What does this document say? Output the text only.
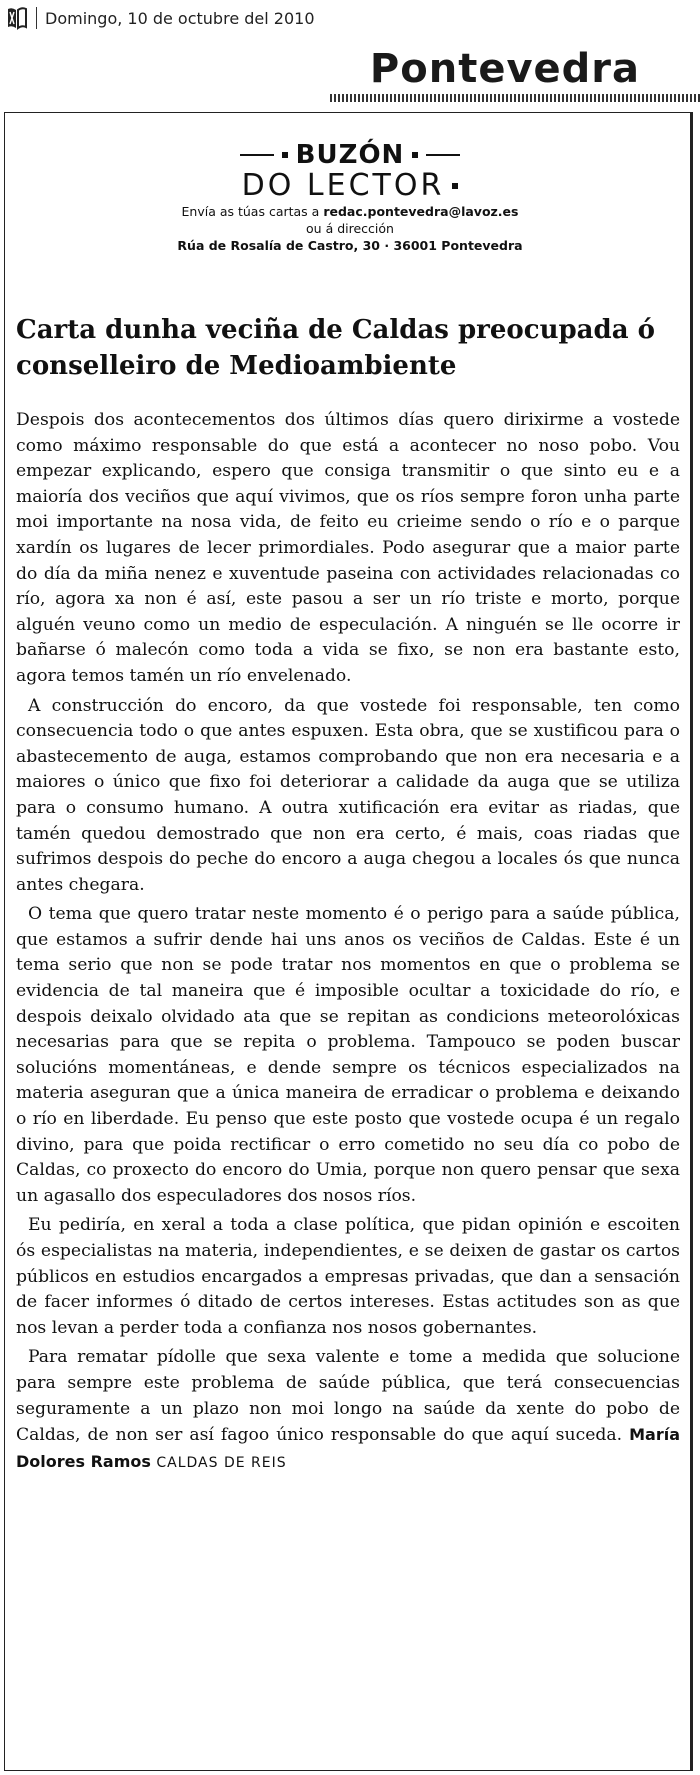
Domingo, 10 de octubre del 2010
Pontevedra
BUZÓN
DO LECTOR
Envía as túas cartas a redac.pontevedra@lavoz.es
ou á dirección
Rúa de Rosalía de Castro, 30 · 36001 Pontevedra
Carta dunha veciña de Caldas preocupada ó conselleiro de Medioambiente

Despois dos acontecementos dos últimos días quero dirixirme a vostede como máximo responsable do que está a acontecer no noso pobo. Vou empezar explicando, espero que consiga transmitir o que sinto eu e a maioría dos veciños que aquí vivimos, que os ríos sempre foron unha parte moi importante na nosa vida, de feito eu crieime sendo o río e o parque xardín os lugares de lecer primordiales. Podo asegurar que a maior parte do día da miña nenez e xuventude paseina con actividades relacionadas co río, agora xa non é así, este pasou a ser un río triste e morto, porque alguén veuno como un medio de especulación. A ninguén se lle ocorre ir bañarse ó malecón como toda a vida se fixo, se non era bastante esto, agora temos tamén un río envelenado.

A construcción do encoro, da que vostede foi responsable, ten como consecuencia todo o que antes espuxen. Esta obra, que se xustificou para o abastecemento de auga, estamos comprobando que non era necesaria e a maiores o único que fixo foi deteriorar a calidade da auga que se utiliza para o consumo humano. A outra xutificación era evitar as riadas, que tamén quedou demostrado que non era certo, é mais, coas riadas que sufrimos despois do peche do encoro a auga chegou a locales ós que nunca antes chegara.

O tema que quero tratar neste momento é o perigo para a saúde pública, que estamos a sufrir dende hai uns anos os veciños de Caldas. Este é un tema serio que non se pode tratar nos momentos en que o problema se evidencia de tal maneira que é imposible ocultar a toxicidade do río, e despois deixalo olvidado ata que se repitan as condicions meteorolóxicas necesarias para que se repita o problema. Tampouco se poden buscar solucións momentáneas, e dende sempre os técnicos especializados na materia aseguran que a única maneira de erradicar o problema e deixando o río en liberdade. Eu penso que este posto que vostede ocupa é un regalo divino, para que poida rectificar o erro cometido no seu día co pobo de Caldas, co proxecto do encoro do Umia, porque non quero pensar que sexa un agasallo dos especuladores dos nosos ríos.

Eu pediría, en xeral a toda a clase política, que pidan opinión e escoiten ós especialistas na materia, independientes, e se deixen de gastar os cartos públicos en estudios encargados a empresas privadas, que dan a sensación de facer informes ó ditado de certos intereses. Estas actitudes son as que nos levan a perder toda a confianza nos nosos gobernantes.

Para rematar pídolle que sexa valente e tome a medida que solucione para sempre este problema de saúde pública, que terá consecuencias seguramente a un plazo non moi longo na saúde da xente do pobo de Caldas, de non ser así fagoo único responsable do que aquí suceda. María Dolores Ramos CALDAS DE REIS
